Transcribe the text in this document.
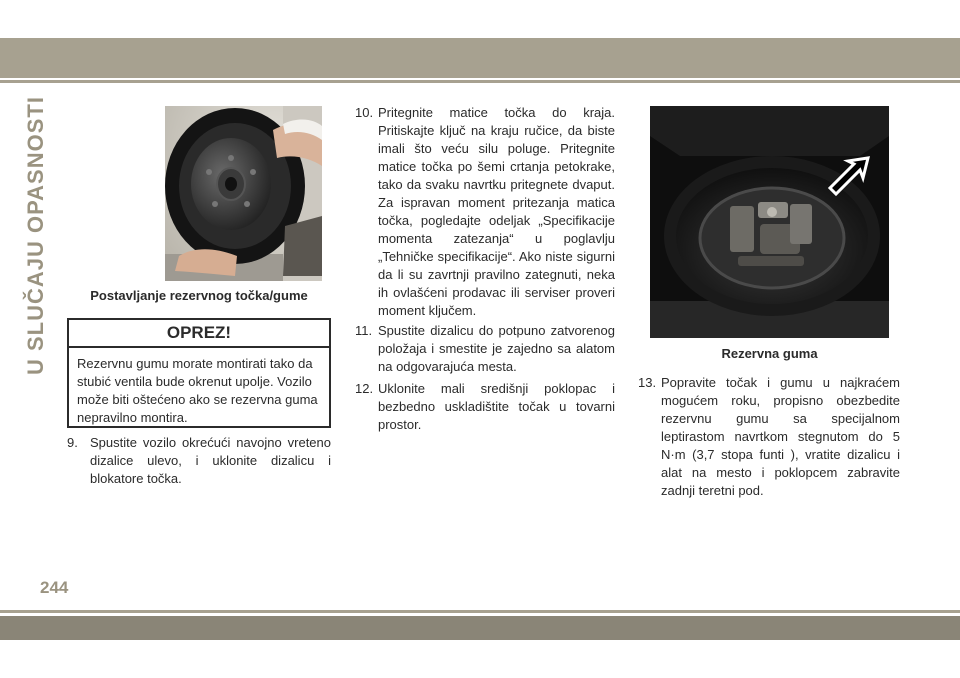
U SLUČAJU OPASNOSTI
244
Postavljanje rezervnog točka/gume
OPREZ!
Rezervnu gumu morate montirati tako da stubić ventila bude okrenut upolje. Vozilo može biti oštećeno ako se rezervna guma nepravilno montira.
9. Spustite vozilo okrećući navojno vreteno
dizalice ulevo, i uklonite dizalicu i blokatore točka.
10. Pritegnite matice točka do kraja.
Pritiskajte ključ na kraju ručice, da biste imali što veću silu poluge. Pritegnite matice točka po šemi crtanja petokrake, tako da svaku navrtku pritegnete dvaput. Za ispravan moment pritezanja matica točka, pogledajte odeljak „Specifikacije momenta zatezanja“ u poglavlju „Tehničke specifikacije“. Ako niste sigurni da li su zavrtnji pravilno zategnuti, neka ih ovlašćeni prodavac ili serviser proveri moment ključem.
11. Spustite dizalicu do potpuno zatvorenog
položaja i smestite je zajedno sa alatom na odgovarajuća mesta.
12. Uklonite mali središnji poklopac i
bezbedno uskladištite točak u tovarni prostor.
Rezervna guma
13. Popravite točak i gumu u najkraćem
mogućem roku, propisno obezbedite rezervnu gumu sa specijalnom leptirastom navrtkom stegnutom do 5 N·m (3,7 stopa funti ), vratite dizalicu i alat na mesto i poklopcem zabravite zadnji teretni pod.
